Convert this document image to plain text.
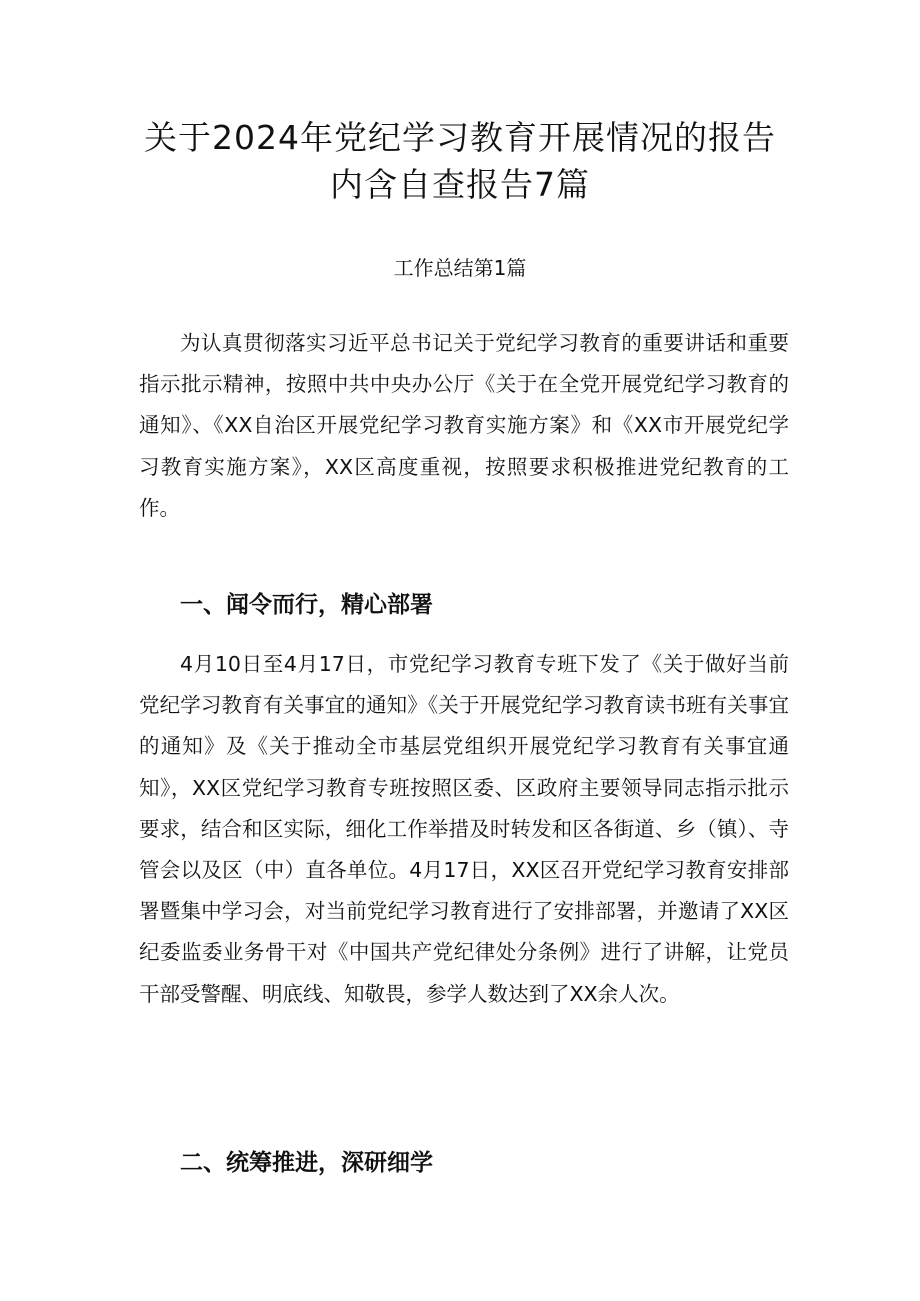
关于2024年党纪学习教育开展情况的报告
内含自查报告7篇
工作总结第1篇

为认真贯彻落实习近平总书记关于党纪学习教育的重要讲话和重要指示批示精神，按照中共中央办公厅《关于在全党开展党纪学习教育的通知》、《XX自治区开展党纪学习教育实施方案》和《XX市开展党纪学习教育实施方案》，XX区高度重视，按照要求积极推进党纪教育的工作。

一、闻令而行，精心部署

4月10日至4月17日，市党纪学习教育专班下发了《关于做好当前党纪学习教育有关事宜的通知》《关于开展党纪学习教育读书班有关事宜的通知》及《关于推动全市基层党组织开展党纪学习教育有关事宜通知》，XX区党纪学习教育专班按照区委、区政府主要领导同志指示批示要求，结合和区实际，细化工作举措及时转发和区各街道、乡（镇）、寺管会以及区（中）直各单位。4月17日，XX区召开党纪学习教育安排部署暨集中学习会，对当前党纪学习教育进行了安排部署，并邀请了XX区纪委监委业务骨干对《中国共产党纪律处分条例》进行了讲解，让党员干部受警醒、明底线、知敬畏，参学人数达到了XX余人次。

二、统筹推进，深研细学
